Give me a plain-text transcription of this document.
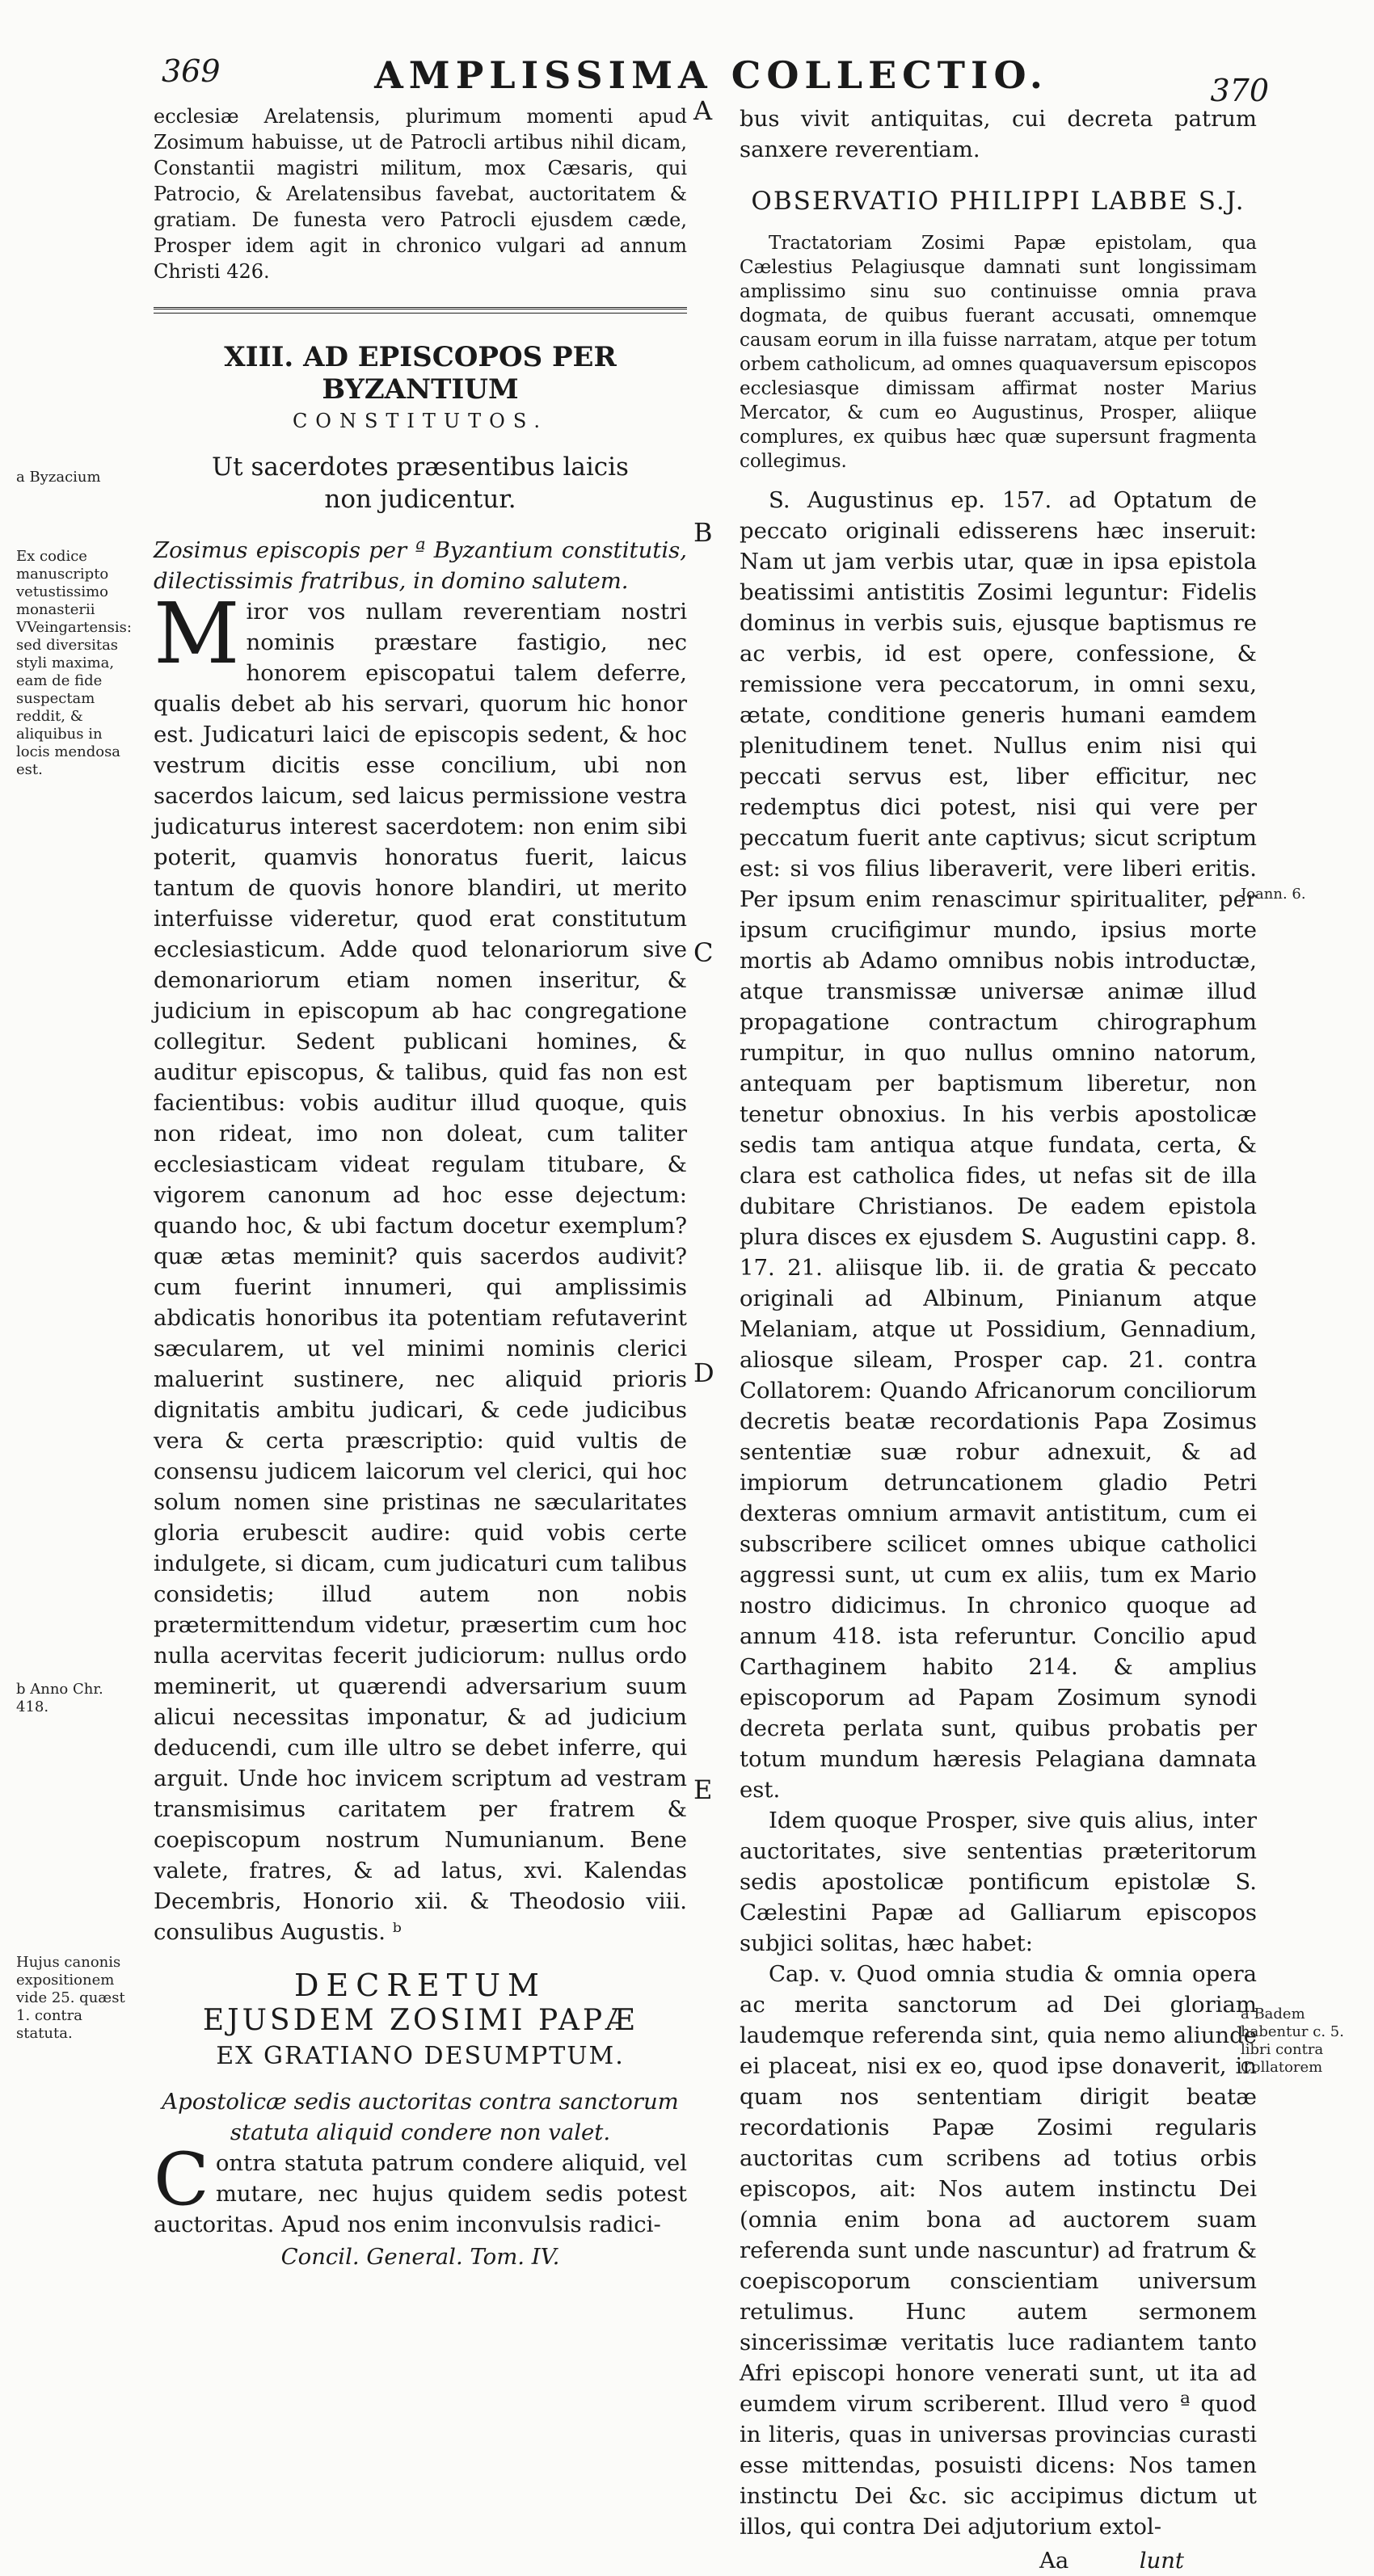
369	AMPLISSIMA COLLECTIO.	370

ecclesiæ Arelatensis, plurimum momenti apud Zosimum habuisse, ut de Patrocli artibus nihil dicam, Constantii magistri militum, mox Cæsaris, qui Patrocio, & Arelatensibus favebat, auctoritatem & gratiam. De funesta vero Patrocli ejusdem cæde, Prosper idem agit in chronico vulgari ad annum Christi 426.

XIII. AD EPISCOPOS PER BYZANTIUM
CONSTITUTOS.
Ut sacerdotes præsentibus laicis non judicentur.

Zosimus episcopis per ª Byzantium constitutis, dilectissimis fratribus, in domino salutem.

Miror vos nullam reverentiam nostri nominis præstare fastigio, nec honorem episcopatui talem deferre, qualis debet ab his servari, quorum hic honor est. Judicaturi laici de episcopis sedent, & hoc vestrum dicitis esse concilium, ubi non sacerdos laicum, sed laicus permissione vestra judicaturus interest sacerdotem: non enim sibi poterit, quamvis honoratus fuerit, laicus tantum de quovis honore blandiri, ut merito interfuisse videretur, quod erat constitutum ecclesiasticum. Adde quod telonariorum sive demonariorum etiam nomen inseritur, & judicium in episcopum ab hac congregatione collegitur. Sedent publicani homines, & auditur episcopus, & talibus, quid fas non est facientibus: vobis auditur illud quoque, quis non rideat, imo non doleat, cum taliter ecclesiasticam videat regulam titubare, & vigorem canonum ad hoc esse dejectum: quando hoc, & ubi factum docetur exemplum? quæ ætas meminit? quis sacerdos audivit? cum fuerint innumeri, qui amplissimis abdicatis honoribus ita potentiam refutaverint sæcularem, ut vel minimi nominis clerici maluerint sustinere, nec aliquid prioris dignitatis ambitu judicari, & cede judicibus vera & certa præscriptio: quid vultis de consensu judicem laicorum vel clerici, qui hoc solum nomen sine pristinas ne sæcularitates gloria erubescit audire: quid vobis certe indulgete, si dicam, cum judicaturi cum talibus considetis; illud autem non nobis prætermittendum videtur, præsertim cum hoc nulla acervitas fecerit judiciorum: nullus ordo meminerit, ut quærendi adversarium suum alicui necessitas imponatur, & ad judicium deducendi, cum ille ultro se debet inferre, qui arguit. Unde hoc invicem scriptum ad vestram transmisimus caritatem per fratrem & coepiscopum nostrum Numunianum. Bene valete, fratres, & ad latus, xvi. Kalendas Decembris, Honorio xii. & Theodosio viii. consulibus Augustis. ᵇ

DECRETUM
EJUSDEM ZOSIMI PAPÆ
EX GRATIANO DESUMPTUM.

Apostolicæ sedis auctoritas contra sanctorum statuta aliquid condere non valet.

Contra statuta patrum condere aliquid, vel mutare, nec hujus quidem sedis potest auctoritas. Apud nos enim inconvulsis radici-

Concil. General. Tom. IV.

bus vivit antiquitas, cui decreta patrum sanxere reverentiam.

OBSERVATIO PHILIPPI LABBE S.J.

Tractatoriam Zosimi Papæ epistolam, qua Cælestius Pelagiusque damnati sunt longissimam amplissimo sinu suo continuisse omnia prava dogmata, de quibus fuerant accusati, omnemque causam eorum in illa fuisse narratam, atque per totum orbem catholicum, ad omnes quaquaversum episcopos ecclesiasque dimissam affirmat noster Marius Mercator, & cum eo Augustinus, Prosper, aliique complures, ex quibus hæc quæ supersunt fragmenta collegimus.

S. Augustinus ep. 157. ad Optatum de peccato originali edisserens hæc inseruit: Nam ut jam verbis utar, quæ in ipsa epistola beatissimi antistitis Zosimi leguntur: Fidelis dominus in verbis suis, ejusque baptismus re ac verbis, id est opere, confessione, & remissione vera peccatorum, in omni sexu, ætate, conditione generis humani eamdem plenitudinem tenet. Nullus enim nisi qui peccati servus est, liber efficitur, nec redemptus dici potest, nisi qui vere per peccatum fuerit ante captivus; sicut scriptum est: si vos filius liberaverit, vere liberi eritis. Per ipsum enim renascimur spiritualiter, per ipsum crucifigimur mundo, ipsius morte mortis ab Adamo omnibus nobis introductæ, atque transmissæ universæ animæ illud propagatione contractum chirographum rumpitur, in quo nullus omnino natorum, antequam per baptismum liberetur, non tenetur obnoxius. In his verbis apostolicæ sedis tam antiqua atque fundata, certa, & clara est catholica fides, ut nefas sit de illa dubitare Christianos. De eadem epistola plura disces ex ejusdem S. Augustini capp. 8. 17. 21. aliisque lib. ii. de gratia & peccato originali ad Albinum, Pinianum atque Melaniam, atque ut Possidium, Gennadium, aliosque sileam, Prosper cap. 21. contra Collatorem: Quando Africanorum conciliorum decretis beatæ recordationis Papa Zosimus sententiæ suæ robur adnexuit, & ad impiorum detruncationem gladio Petri dexteras omnium armavit antistitum, cum ei subscribere scilicet omnes ubique catholici aggressi sunt, ut cum ex aliis, tum ex Mario nostro didicimus. In chronico quoque ad annum 418. ista referuntur. Concilio apud Carthaginem habito 214. & amplius episcoporum ad Papam Zosimum synodi decreta perlata sunt, quibus probatis per totum mundum hæresis Pelagiana damnata est.

Idem quoque Prosper, sive quis alius, inter auctoritates, sive sententias præteritorum sedis apostolicæ pontificum epistolæ S. Cælestini Papæ ad Galliarum episcopos subjici solitas, hæc habet:

Cap. v. Quod omnia studia & omnia opera ac merita sanctorum ad Dei gloriam laudemque referenda sint, quia nemo aliunde ei placeat, nisi ex eo, quod ipse donaverit, in quam nos sententiam dirigit beatæ recordationis Papæ Zosimi regularis auctoritas cum scribens ad totius orbis episcopos, ait: Nos autem instinctu Dei (omnia enim bona ad auctorem suam referenda sunt unde nascuntur) ad fratrum & coepiscoporum conscientiam universum retulimus. Hunc autem sermonem sincerissimæ veritatis luce radiantem tanto Afri episcopi honore venerati sunt, ut ita ad eumdem virum scriberent. Illud vero ª quod in literis, quas in universas provincias curasti esse mittendas, posuisti dicens: Nos tamen instinctu Dei &c. sic accipimus dictum ut illos, qui contra Dei adjutorium extol-

Aa	lunt
a Byzacium
Ex codice manuscripto vetustissimo monasterii VVeingartensis: sed diversitas styli maxima, eam de fide suspectam reddit, & aliquibus in locis mendosa est.
b Anno Chr. 418.
Hujus canonis expositionem vide 25. quæst 1. contra statuta.
Joann. 6.
a Badem habentur c. 5. libri contra Collatorem
A
B
C
D
E
